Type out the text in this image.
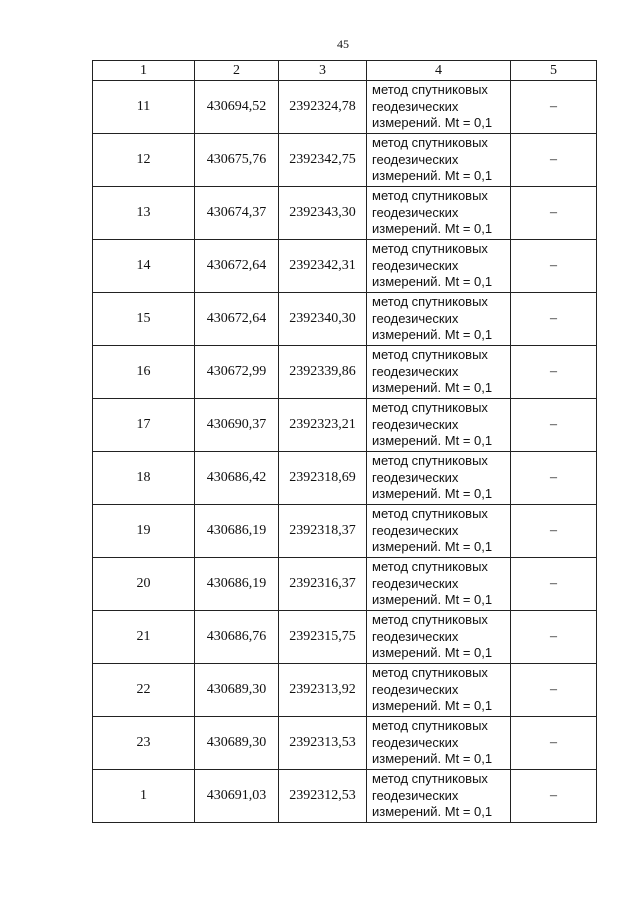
45
1	2	3	4	5
11	430694,52	2392324,78	метод спутниковых
геодезических
измерений. Mt = 0,1	–
12	430675,76	2392342,75	метод спутниковых
геодезических
измерений. Mt = 0,1	–
13	430674,37	2392343,30	метод спутниковых
геодезических
измерений. Mt = 0,1	–
14	430672,64	2392342,31	метод спутниковых
геодезических
измерений. Mt = 0,1	–
15	430672,64	2392340,30	метод спутниковых
геодезических
измерений. Mt = 0,1	–
16	430672,99	2392339,86	метод спутниковых
геодезических
измерений. Mt = 0,1	–
17	430690,37	2392323,21	метод спутниковых
геодезических
измерений. Mt = 0,1	–
18	430686,42	2392318,69	метод спутниковых
геодезических
измерений. Mt = 0,1	–
19	430686,19	2392318,37	метод спутниковых
геодезических
измерений. Mt = 0,1	–
20	430686,19	2392316,37	метод спутниковых
геодезических
измерений. Mt = 0,1	–
21	430686,76	2392315,75	метод спутниковых
геодезических
измерений. Mt = 0,1	–
22	430689,30	2392313,92	метод спутниковых
геодезических
измерений. Mt = 0,1	–
23	430689,30	2392313,53	метод спутниковых
геодезических
измерений. Mt = 0,1	–
1	430691,03	2392312,53	метод спутниковых
геодезических
измерений. Mt = 0,1	–
